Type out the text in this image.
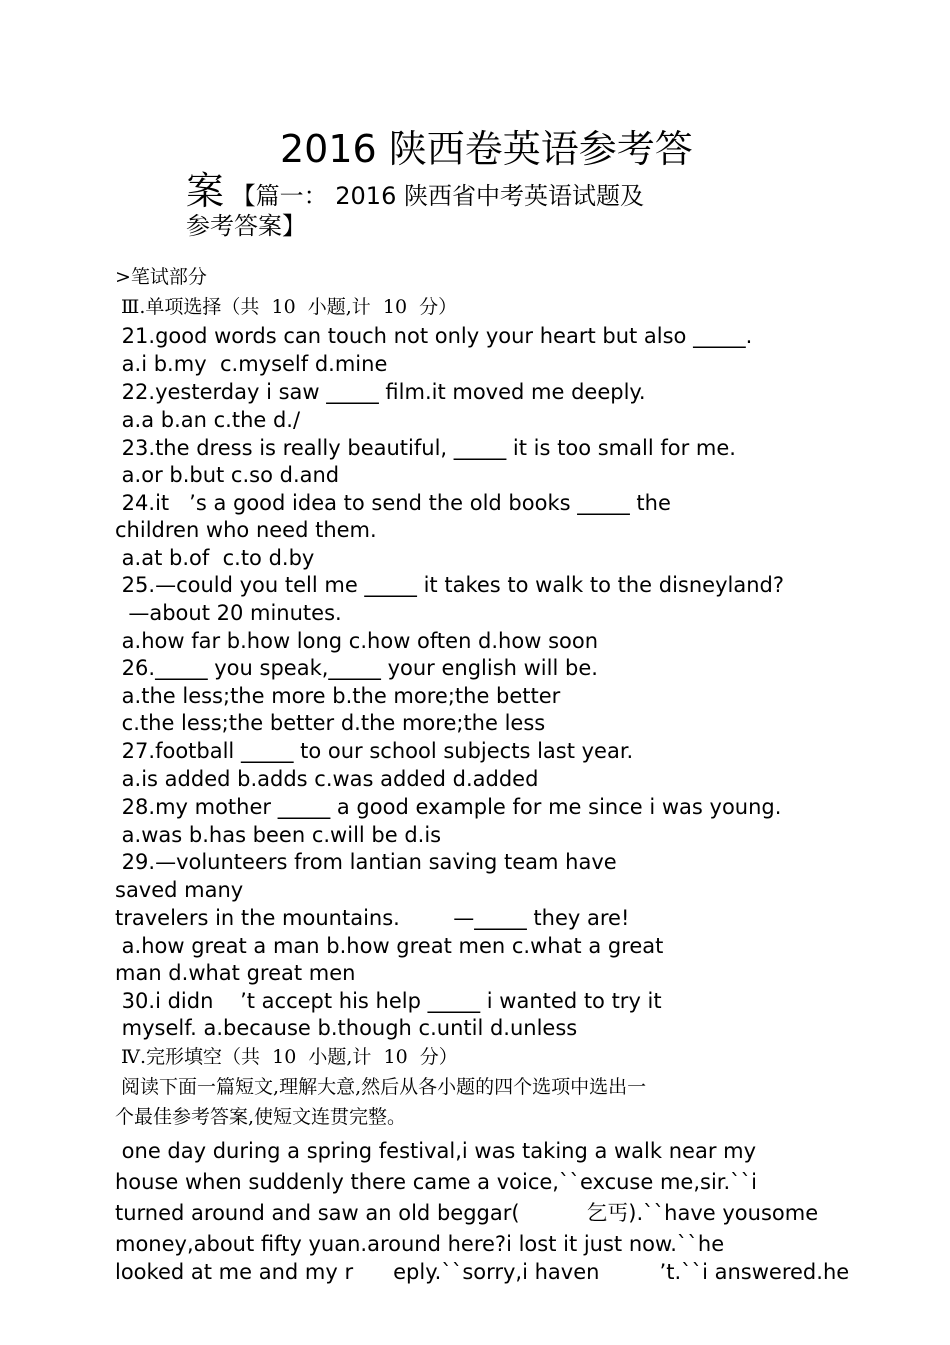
2016 陕西卷英语参考答
案 【篇一： 2016 陕西省中考英语试题及
参考答案】
>笔试部分
Ⅲ.单项选择（共  10  小题,计  10  分）
21.good words can touch not only your heart but also _____.
a.i b.my  c.myself d.mine
22.yesterday i saw _____ film.it moved me deeply.
a.a b.an c.the d./
23.the dress is really beautiful, _____ it is too small for me.
a.or b.but c.so d.and
24.it   ’s a good idea to send the old books _____ the
children who need them.
a.at b.of  c.to d.by
25.—could you tell me _____ it takes to walk to the disneyland?
—about 20 minutes.
a.how far b.how long c.how often d.how soon
26._____ you speak,_____ your english will be.
a.the less;the more b.the more;the better
c.the less;the better d.the more;the less
27.football _____ to our school subjects last year.
a.is added b.adds c.was added d.added
28.my mother _____ a good example for me since i was young.
a.was b.has been c.will be d.is
29.—volunteers from lantian saving team have
saved many
travelers in the mountains.        —_____ they are!
a.how great a man b.how great men c.what a great
man d.what great men
30.i didn    ’t accept his help _____ i wanted to try it
myself. a.because b.though c.until d.unless
Ⅳ.完形填空（共  10  小题,计  10  分）
阅读下面一篇短文,理解大意,然后从各小题的四个选项中选出一
个最佳参考答案,使短文连贯完整。
one day during a spring festival,i was taking a walk near my
house when suddenly there came a voice,``excuse me,sir.``i
turned around and saw an old beggar(          乞丐).``have yousome
money,about fifty yuan.around here?i lost it just now.``he
looked at me and my r      eply.``sorry,i haven         ’t.``i answered.he
